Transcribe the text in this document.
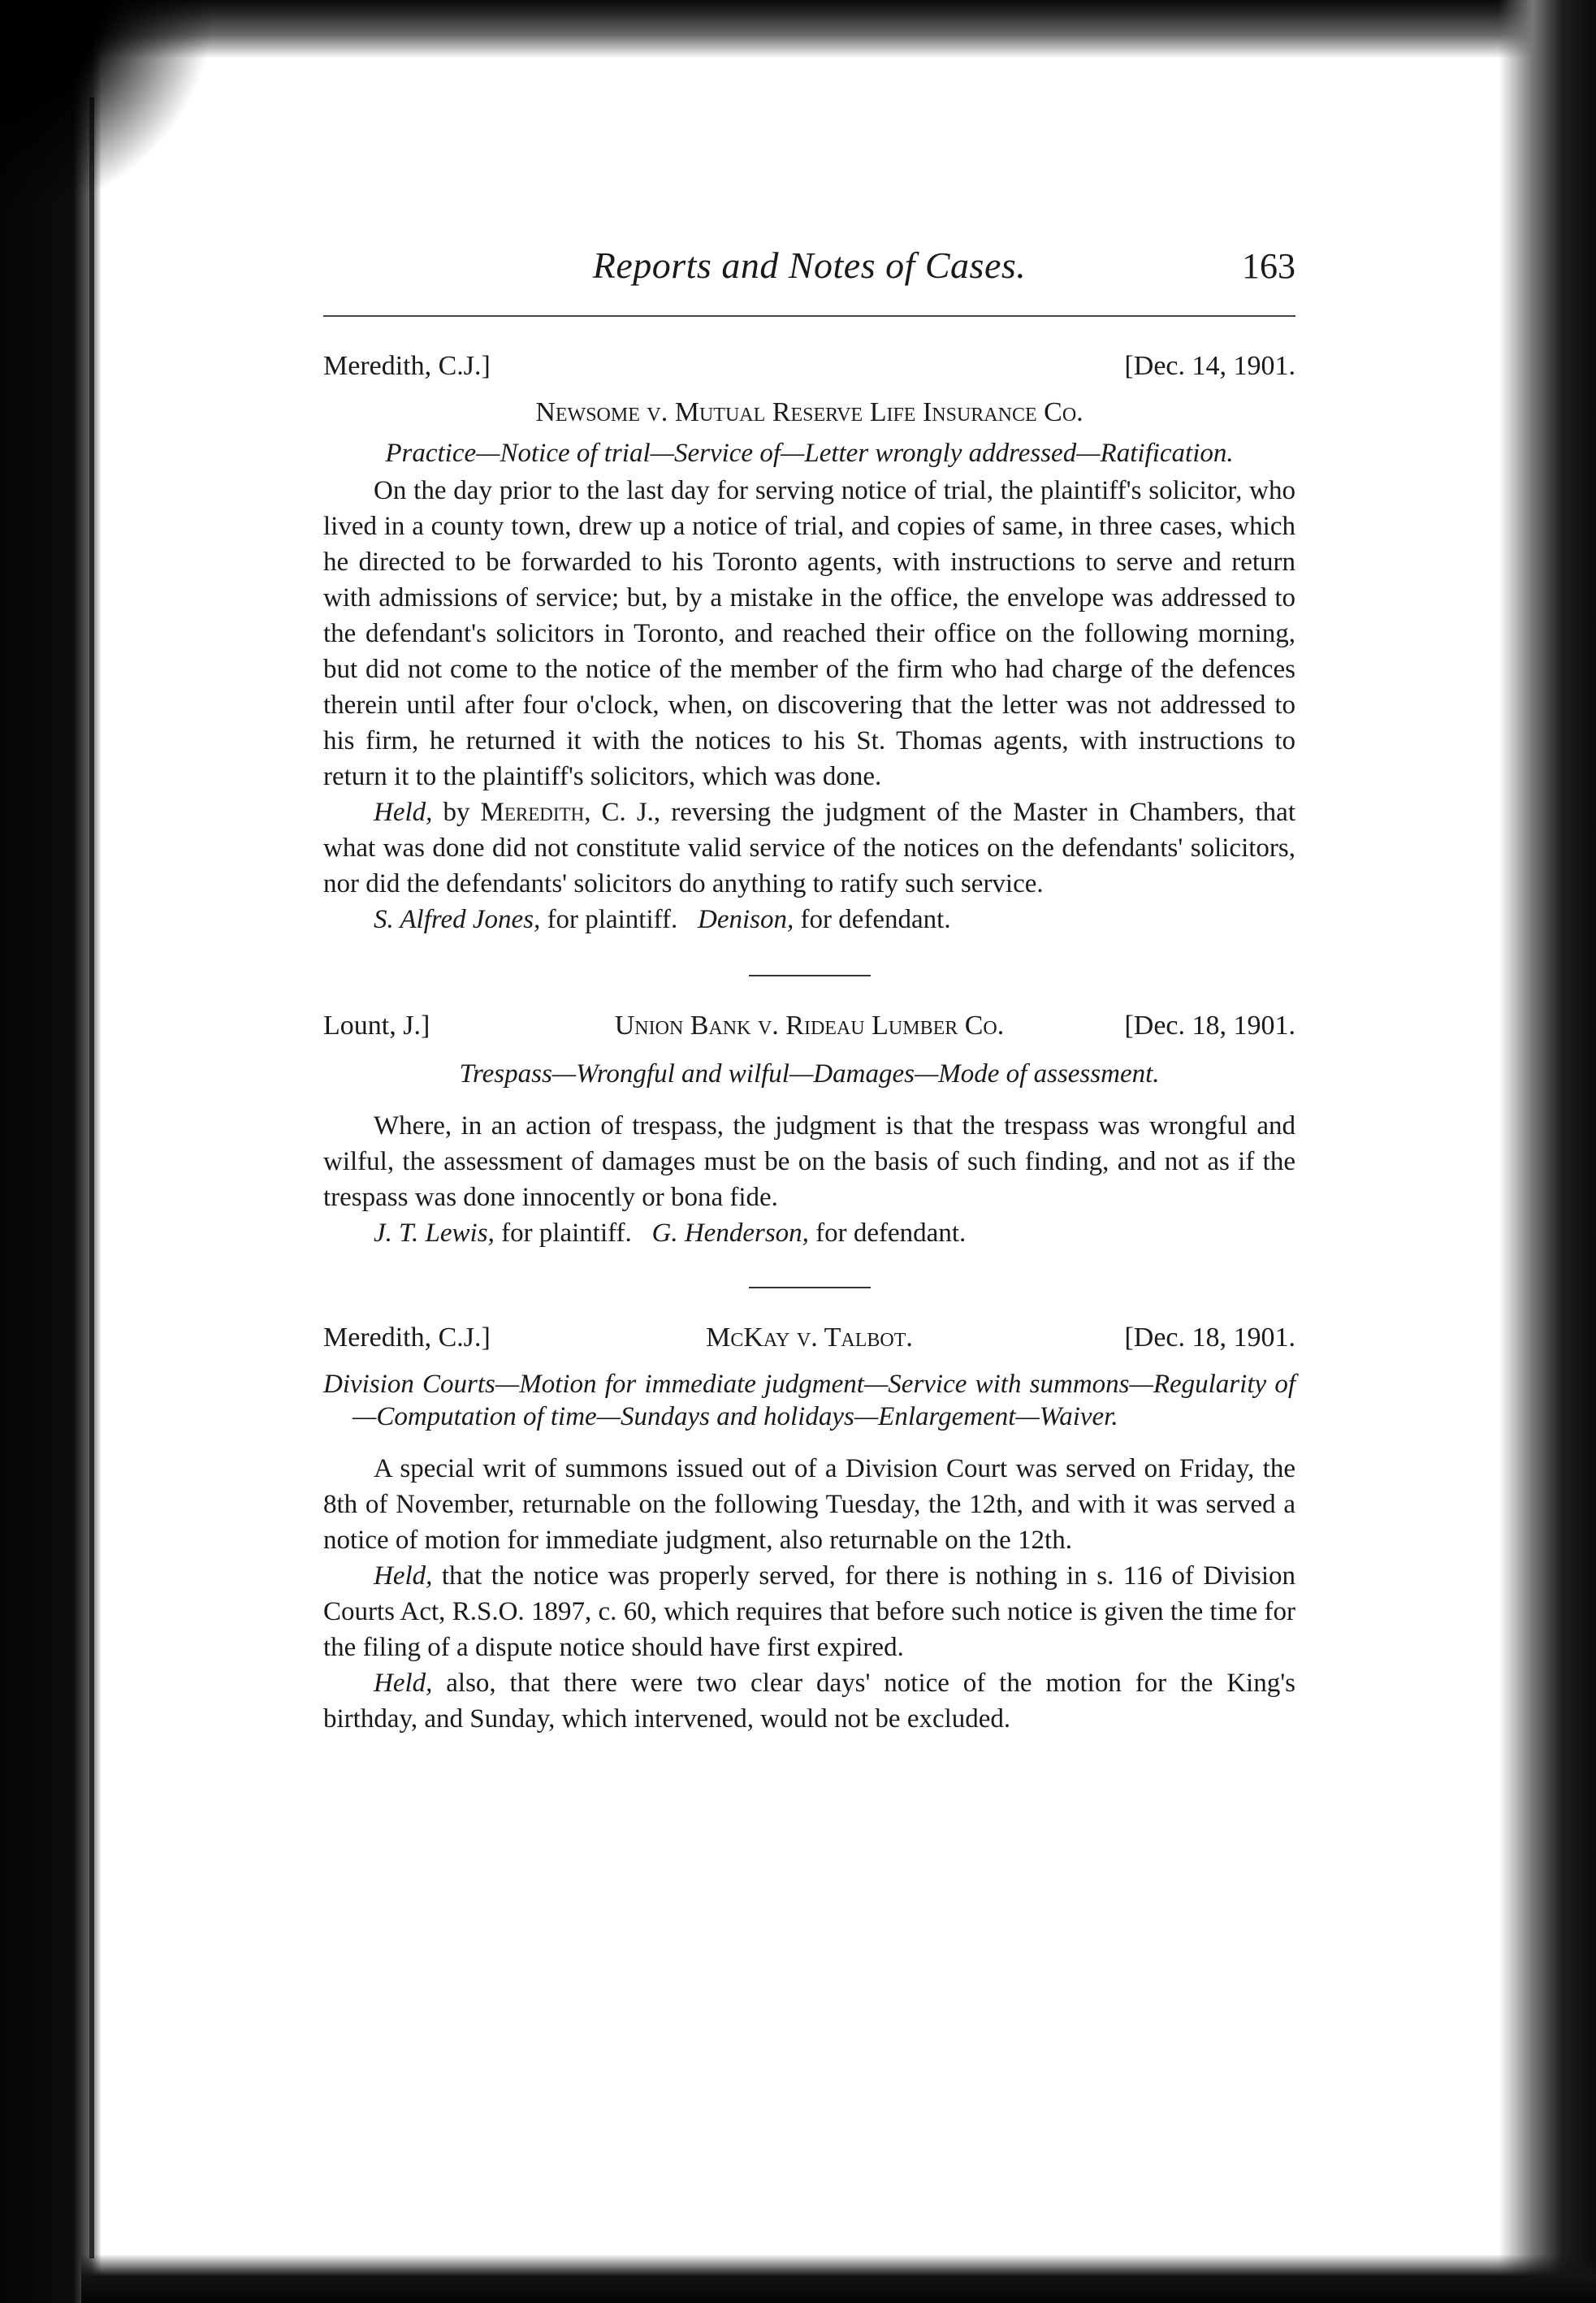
Reports and Notes of Cases.	163
Meredith, C.J.]	[Dec. 14, 1901.
Newsome v. Mutual Reserve Life Insurance Co.
Practice—Notice of trial—Service of—Letter wrongly addressed—Ratification.

On the day prior to the last day for serving notice of trial, the plaintiff's solicitor, who lived in a county town, drew up a notice of trial, and copies of same, in three cases, which he directed to be forwarded to his Toronto agents, with instructions to serve and return with admissions of service; but, by a mistake in the office, the envelope was addressed to the defendant's solicitors in Toronto, and reached their office on the following morning, but did not come to the notice of the member of the firm who had charge of the defences therein until after four o'clock, when, on discovering that the letter was not addressed to his firm, he returned it with the notices to his St. Thomas agents, with instructions to return it to the plaintiff's solicitors, which was done.

Held, by Meredith, C. J., reversing the judgment of the Master in Chambers, that what was done did not constitute valid service of the notices on the defendants' solicitors, nor did the defendants' solicitors do anything to ratify such service.

S. Alfred Jones, for plaintiff. Denison, for defendant.

Lount, J.]	Union Bank v. Rideau Lumber Co.	[Dec. 18, 1901.
Trespass—Wrongful and wilful—Damages—Mode of assessment.

Where, in an action of trespass, the judgment is that the trespass was wrongful and wilful, the assessment of damages must be on the basis of such finding, and not as if the trespass was done innocently or bona fide.

J. T. Lewis, for plaintiff. G. Henderson, for defendant.

Meredith, C.J.]	McKay v. Talbot.	[Dec. 18, 1901.
Division Courts—Motion for immediate judgment—Service with summons—Regularity of—Computation of time—Sundays and holidays—Enlargement—Waiver.

A special writ of summons issued out of a Division Court was served on Friday, the 8th of November, returnable on the following Tuesday, the 12th, and with it was served a notice of motion for immediate judgment, also returnable on the 12th.

Held, that the notice was properly served, for there is nothing in s. 116 of Division Courts Act, R.S.O. 1897, c. 60, which requires that before such notice is given the time for the filing of a dispute notice should have first expired.

Held, also, that there were two clear days' notice of the motion for the King's birthday, and Sunday, which intervened, would not be excluded.
